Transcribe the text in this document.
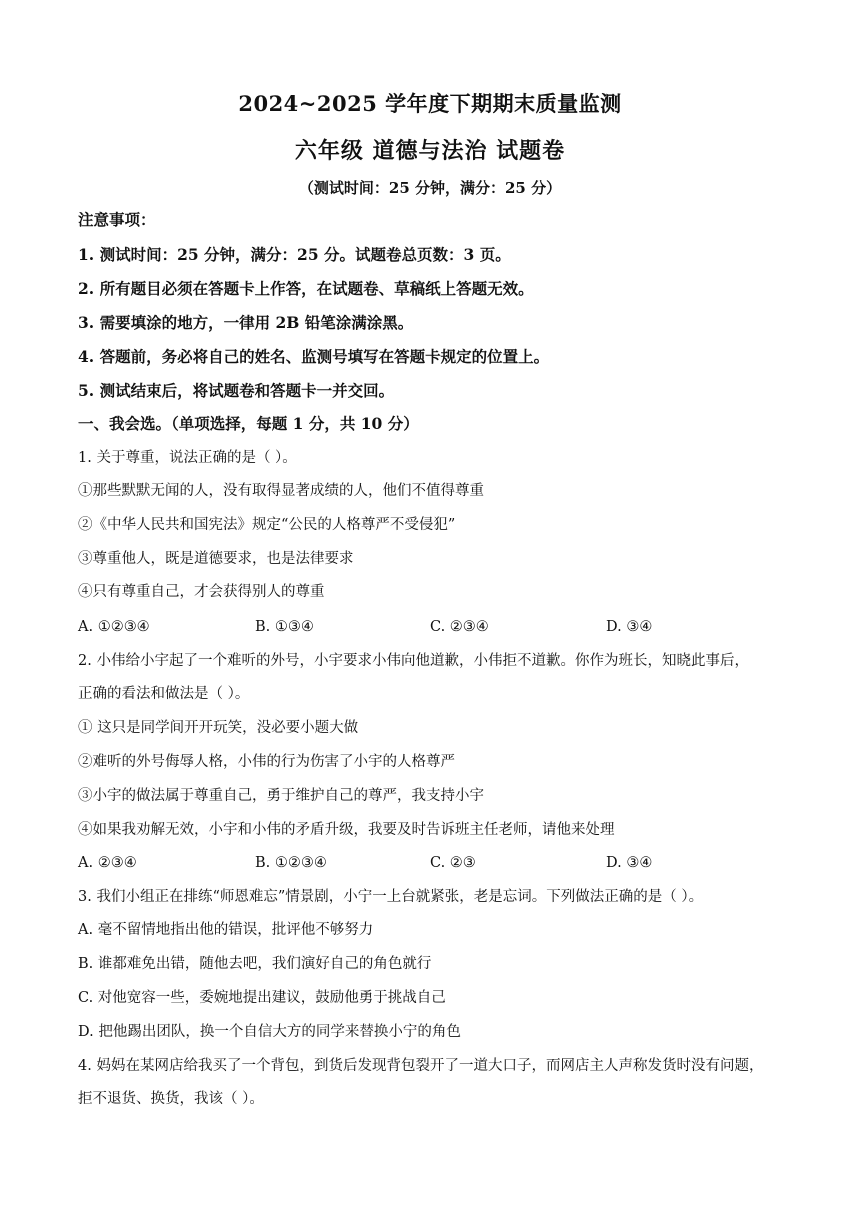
2024~2025 学年度下期期末质量监测
六年级 道德与法治 试题卷
（测试时间：25 分钟，满分：25 分）
注意事项：
1. 测试时间：25 分钟，满分：25 分。试题卷总页数：3 页。
2. 所有题目必须在答题卡上作答，在试题卷、草稿纸上答题无效。
3. 需要填涂的地方，一律用 2B 铅笔涂满涂黑。
4. 答题前，务必将自己的姓名、监测号填写在答题卡规定的位置上。
5. 测试结束后，将试题卷和答题卡一并交回。
一、我会选。（单项选择，每题 1 分，共 10 分）
1. 关于尊重，说法正确的是（ ）。
①那些默默无闻的人，没有取得显著成绩的人，他们不值得尊重
②《中华人民共和国宪法》规定“公民的人格尊严不受侵犯”
③尊重他人，既是道德要求，也是法律要求
④只有尊重自己，才会获得别人的尊重
A. ①②③④	B. ①③④	C. ②③④	D. ③④
2. 小伟给小宇起了一个难听的外号，小宇要求小伟向他道歉，小伟拒不道歉。你作为班长，知晓此事后，
正确的看法和做法是（ ）。
① 这只是同学间开开玩笑，没必要小题大做
②难听的外号侮辱人格，小伟的行为伤害了小宇的人格尊严
③小宇的做法属于尊重自己，勇于维护自己的尊严，我支持小宇
④如果我劝解无效，小宇和小伟的矛盾升级，我要及时告诉班主任老师，请他来处理
A. ②③④	B. ①②③④	C. ②③	D. ③④
3. 我们小组正在排练“师恩难忘”情景剧，小宁一上台就紧张，老是忘词。下列做法正确的是（ ）。
A. 毫不留情地指出他的错误，批评他不够努力
B. 谁都难免出错，随他去吧，我们演好自己的角色就行
C. 对他宽容一些，委婉地提出建议，鼓励他勇于挑战自己
D. 把他踢出团队，换一个自信大方的同学来替换小宁的角色
4. 妈妈在某网店给我买了一个背包，到货后发现背包裂开了一道大口子，而网店主人声称发货时没有问题，
拒不退货、换货，我该（ ）。
